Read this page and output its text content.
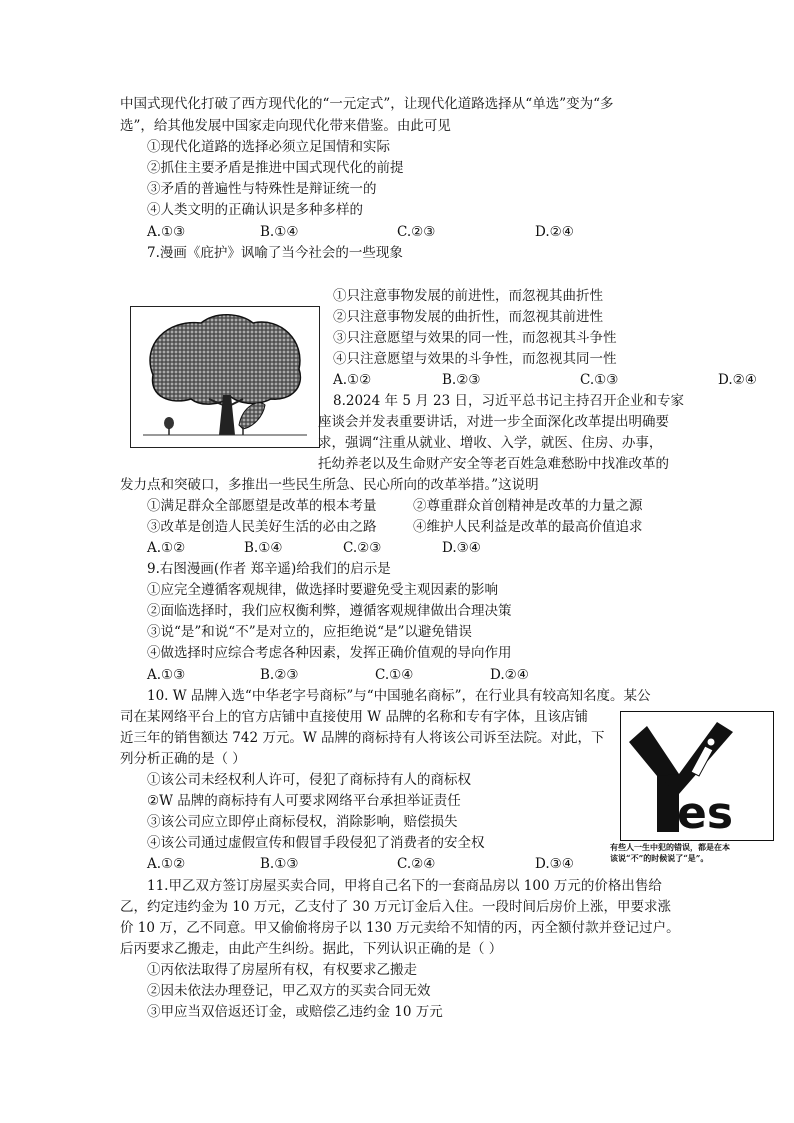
中国式现代化打破了西方现代化的“一元定式”，让现代化道路选择从“单选”变为“多
选”，给其他发展中国家走向现代化带来借鉴。由此可见
①现代化道路的选择必须立足国情和实际
②抓住主要矛盾是推进中国式现代化的前提
③矛盾的普遍性与特殊性是辩证统一的
④人类文明的正确认识是多种多样的
A.①③	B.①④	C.②③	D.②④
7.漫画《庇护》讽喻了当今社会的一些现象
①只注意事物发展的前进性，而忽视其曲折性
②只注意事物发展的曲折性，而忽视其前进性
③只注意愿望与效果的同一性，而忽视其斗争性
④只注意愿望与效果的斗争性，而忽视其同一性
A.①②	B.②③	C.①③	D.②④
8.2024 年 5 月 23 日，习近平总书记主持召开企业和专家
座谈会并发表重要讲话，对进一步全面深化改革提出明确要
求，强调“注重从就业、增收、入学，就医、住房、办事，
托幼养老以及生命财产安全等老百姓急难愁盼中找准改革的
发力点和突破口，多推出一些民生所急、民心所向的改革举措。”这说明
①满足群众全部愿望是改革的根本考量	②尊重群众首创精神是改革的力量之源
③改革是创造人民美好生活的必由之路	④维护人民利益是改革的最高价值追求
A.①②	B.①④	C.②③	D.③④
9.右图漫画(作者 郑辛遥)给我们的启示是
①应完全遵循客观规律，做选择时要避免受主观因素的影响
②面临选择时，我们应权衡利弊，遵循客观规律做出合理决策
③说“是”和说“不”是对立的，应拒绝说“是”以避免错误
④做选择时应综合考虑各种因素，发挥正确价值观的导向作用
A.①③	B.②③	C.①④	D.②④
10. W 品牌入选“中华老字号商标”与“中国驰名商标”，在行业具有较高知名度。某公
司在某网络平台上的官方店铺中直接使用 W 品牌的名称和专有字体，且该店铺
近三年的销售额达 742 万元。W 品牌的商标持有人将该公司诉至法院。对此，下
列分析正确的是（ ）
①该公司未经权利人许可，侵犯了商标持有人的商标权
②W 品牌的商标持有人可要求网络平台承担举证责任
③该公司应立即停止商标侵权，消除影响，赔偿损失
④该公司通过虚假宣传和假冒手段侵犯了消费者的安全权
A.①②	B.①③	C.②④	D.③④
es
有些人一生中犯的错误，都是在本
该说“不”的时候说了“是”。
11.甲乙双方签订房屋买卖合同，甲将自己名下的一套商品房以 100 万元的价格出售给
乙，约定违约金为 10 万元，乙支付了 30 万元订金后入住。一段时间后房价上涨，甲要求涨
价 10 万，乙不同意。甲又偷偷将房子以 130 万元卖给不知情的丙，丙全额付款并登记过户。
后丙要求乙搬走，由此产生纠纷。据此，下列认识正确的是（ ）
①丙依法取得了房屋所有权，有权要求乙搬走
②因未依法办理登记，甲乙双方的买卖合同无效
③甲应当双倍返还订金，或赔偿乙违约金 10 万元
